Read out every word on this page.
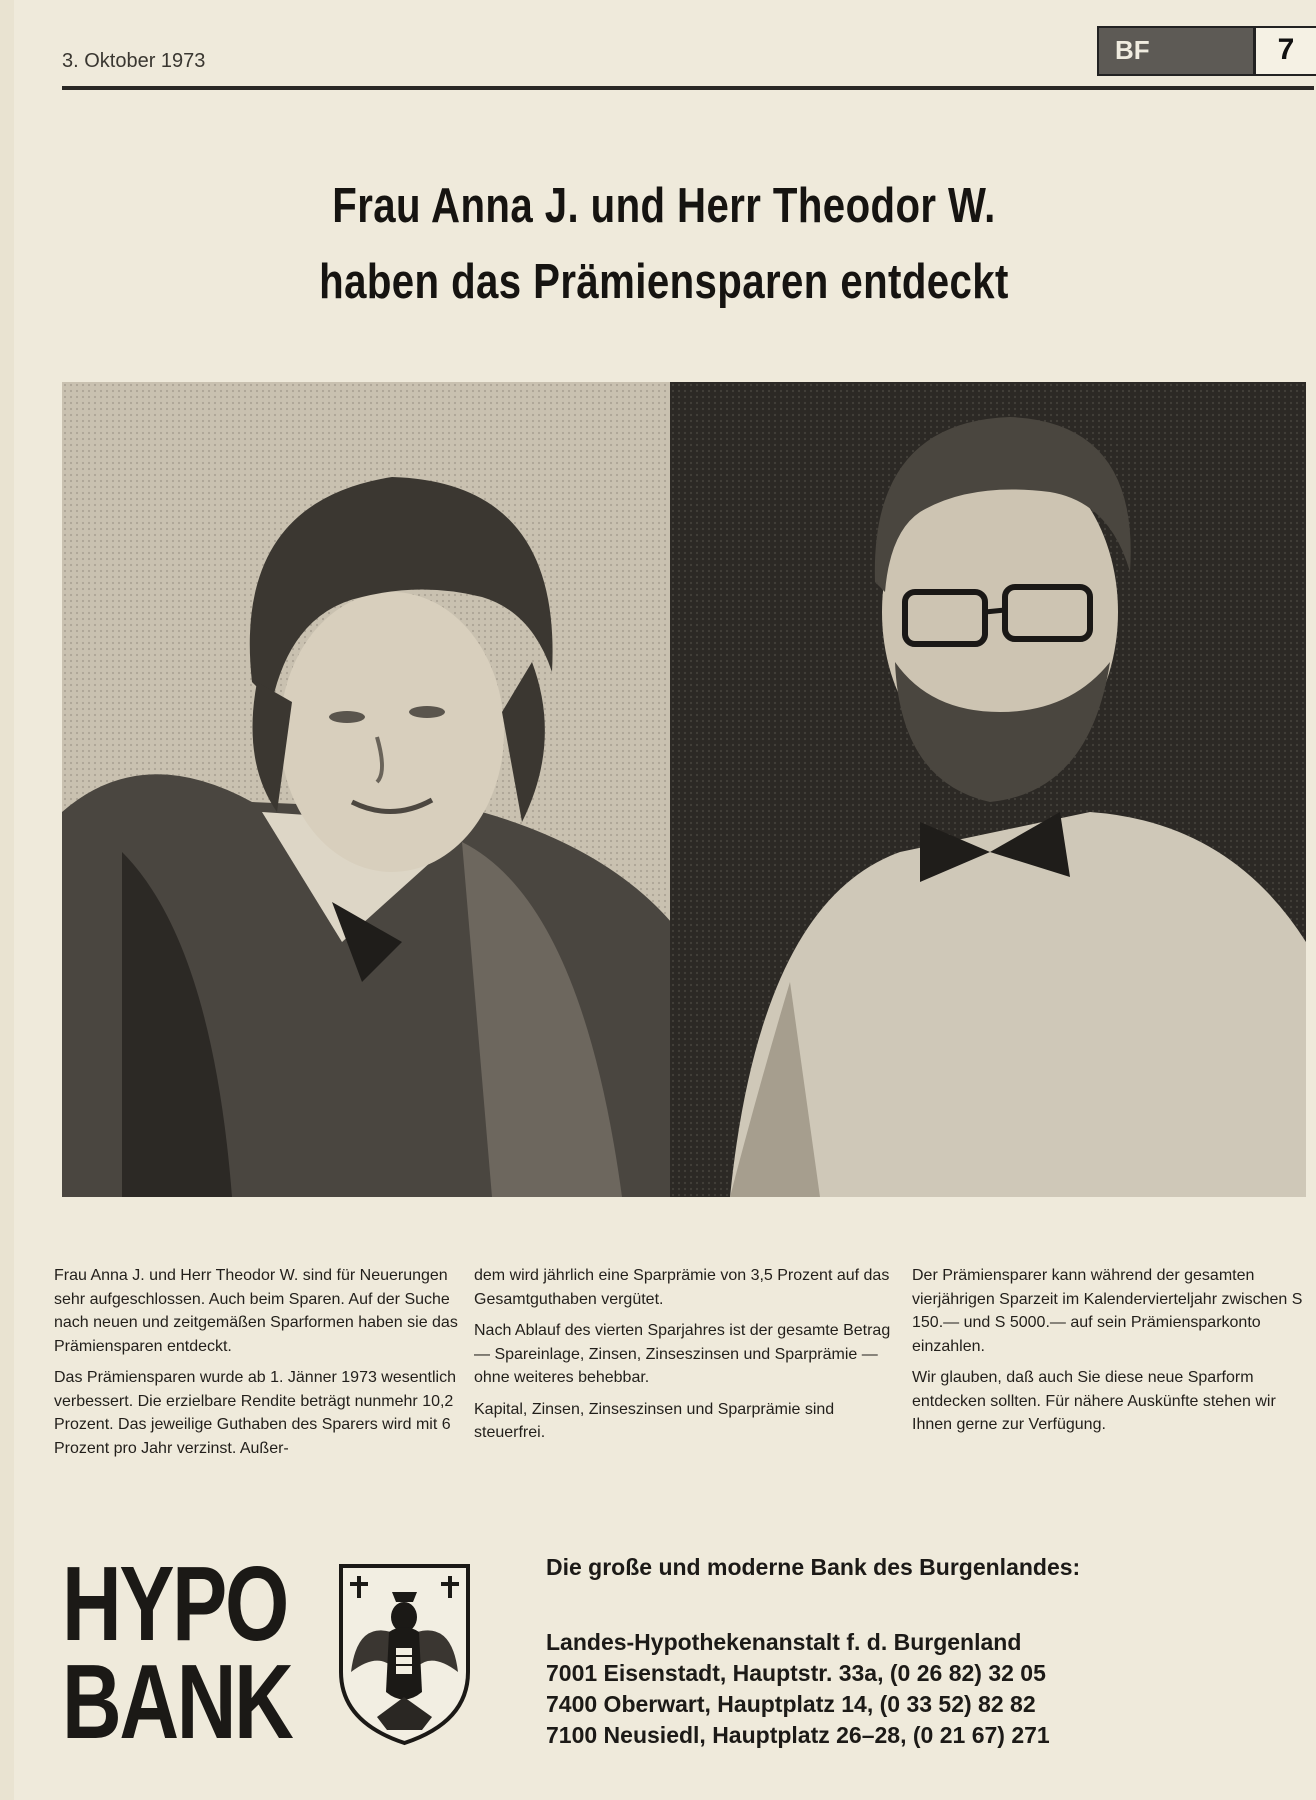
3. Oktober 1973	BF	7
Frau Anna J. und Herr Theodor W.
haben das Prämiensparen entdeckt

Frau Anna J. und Herr Theodor W. sind für Neuerungen sehr aufgeschlossen. Auch beim Sparen. Auf der Suche nach neuen und zeitgemäßen Sparformen haben sie das Prämiensparen entdeckt.

Das Prämiensparen wurde ab 1. Jänner 1973 wesentlich verbessert. Die erzielbare Rendite beträgt nunmehr 10,2 Prozent. Das jeweilige Guthaben des Sparers wird mit 6 Prozent pro Jahr verzinst. Außer-

dem wird jährlich eine Sparprämie von 3,5 Prozent auf das Gesamtguthaben vergütet.

Nach Ablauf des vierten Sparjahres ist der gesamte Betrag — Spareinlage, Zinsen, Zinseszinsen und Sparprämie — ohne weiteres behebbar.

Kapital, Zinsen, Zinseszinsen und Sparprämie sind steuerfrei.

Der Prämiensparer kann während der gesamten vierjährigen Sparzeit im Kalendervierteljahr zwischen S 150.— und S 5000.— auf sein Prämiensparkonto einzahlen.

Wir glauben, daß auch Sie diese neue Sparform entdecken sollten. Für nähere Auskünfte stehen wir Ihnen gerne zur Verfügung.

HYPO
BANK
Die große und moderne Bank des Burgenlandes:
Landes-Hypothekenanstalt f. d. Burgenland
7001 Eisenstadt, Hauptstr. 33a, (0 26 82) 32 05
7400 Oberwart, Hauptplatz 14, (0 33 52) 82 82
7100 Neusiedl, Hauptplatz 26–28, (0 21 67) 271
